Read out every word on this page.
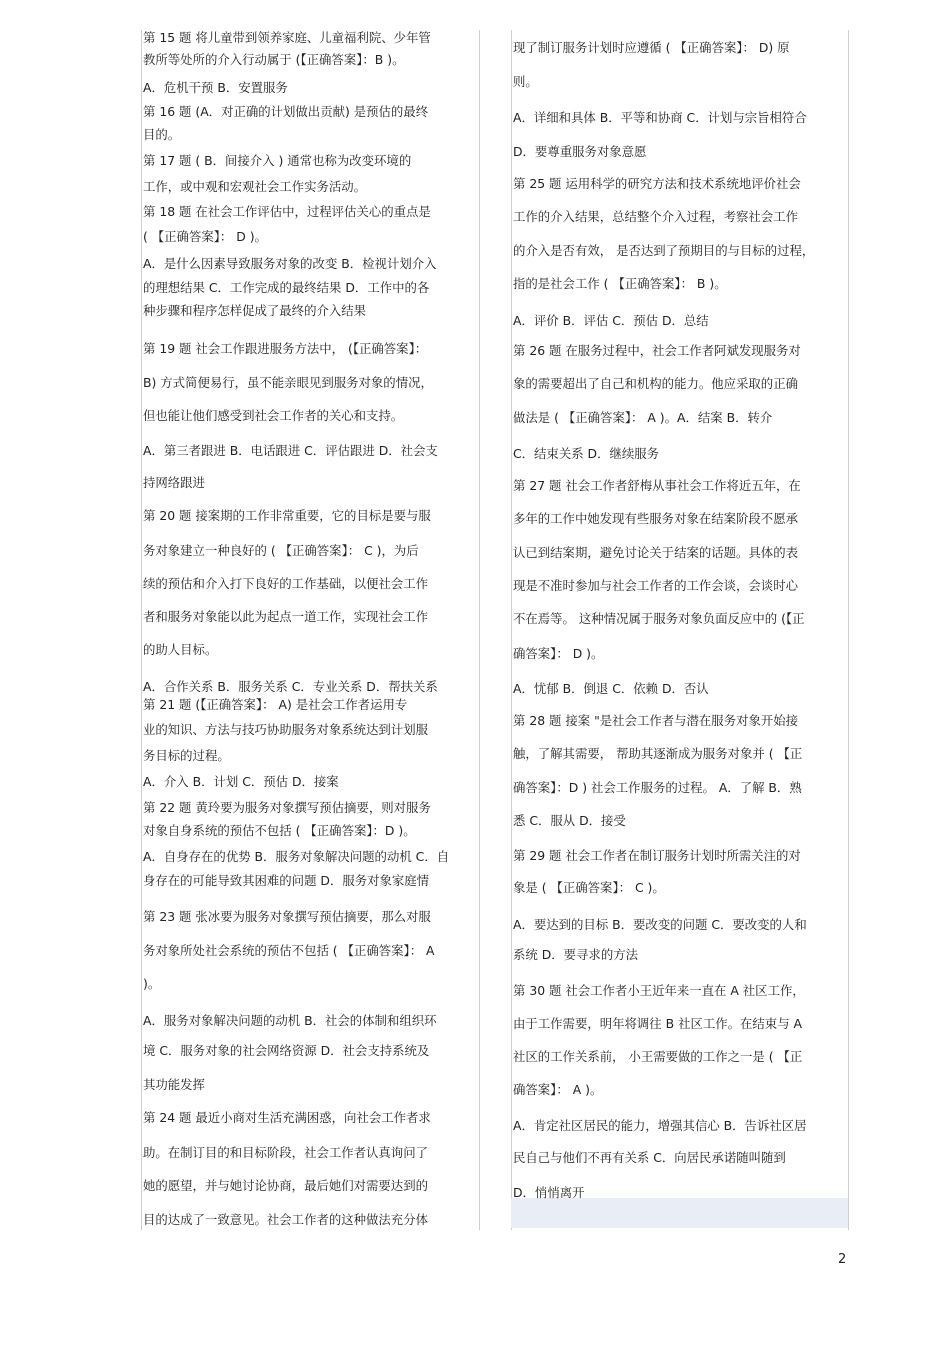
第 15 题 将儿童带到领养家庭、儿童福利院、少年管
教所等处所的介入行动属于 (【正确答案】：B )。
A．危机干预 B．安置服务
第 16 题 (A．对正确的计划做出贡献) 是预估的最终
目的。
第 17 题 ( B．间接介入 ) 通常也称为改变环境的
工作，或中观和宏观社会工作实务活动。
第 18 题 在社会工作评估中，过程评估关心的重点是
( 【正确答案】： D )。
A．是什么因素导致服务对象的改变 B．检视计划介入
的理想结果 C．工作完成的最终结果 D．工作中的各
种步骤和程序怎样促成了最终的介入结果
第 19 题 社会工作跟进服务方法中， (【正确答案】：
B) 方式简便易行，虽不能亲眼见到服务对象的情况，
但也能让他们感受到社会工作者的关心和支持。
A．第三者跟进 B．电话跟进 C．评估跟进 D．社会支
持网络跟进
第 20 题 接案期的工作非常重要，它的目标是要与服
务对象建立一种良好的 ( 【正确答案】： C )，为后
续的预估和介入打下良好的工作基础，以便社会工作
者和服务对象能以此为起点一道工作，实现社会工作
的助人目标。
A．合作关系 B．服务关系 C．专业关系 D．帮扶关系
第 21 题 (【正确答案】： A) 是社会工作者运用专
业的知识、方法与技巧协助服务对象系统达到计划服
务目标的过程。
A．介入 B．计划 C．预估 D．接案
第 22 题 黄玲要为服务对象撰写预估摘要，则对服务
对象自身系统的预估不包括 ( 【正确答案】：D )。
A．自身存在的优势 B．服务对象解决问题的动机 C．自
身存在的可能导致其困难的问题 D．服务对象家庭情
第 23 题 张冰要为服务对象撰写预估摘要，那么对服
务对象所处社会系统的预估不包括 ( 【正确答案】： A
)。
A．服务对象解决问题的动机 B．社会的体制和组织环
境 C．服务对象的社会网络资源 D．社会支持系统及
其功能发挥
第 24 题 最近小商对生活充满困惑，向社会工作者求
助。在制订目的和目标阶段，社会工作者认真询问了
她的愿望，并与她讨论协商，最后她们对需要达到的
目的达成了一致意见。社会工作者的这种做法充分体
现了制订服务计划时应遵循 ( 【正确答案】： D) 原
则。
A．详细和具体 B．平等和协商 C．计划与宗旨相符合
D．要尊重服务对象意愿
第 25 题 运用科学的研究方法和技术系统地评价社会
工作的介入结果，总结整个介入过程，考察社会工作
的介入是否有效， 是否达到了预期目的与目标的过程，
指的是社会工作 ( 【正确答案】： B )。
A．评价 B．评估 C．预估 D．总结
第 26 题 在服务过程中，社会工作者阿斌发现服务对
象的需要超出了自己和机构的能力。他应采取的正确
做法是 ( 【正确答案】： A )。A．结案 B．转介
C．结束关系 D．继续服务
第 27 题 社会工作者舒梅从事社会工作将近五年，在
多年的工作中她发现有些服务对象在结案阶段不愿承
认已到结案期，避免讨论关于结案的话题。具体的表
现是不准时参加与社会工作者的工作会谈，会谈时心
不在焉等。 这种情况属于服务对象负面反应中的 (【正
确答案】： D )。
A．忧郁 B．倒退 C．依赖 D．否认
第 28 题 接案 "是社会工作者与潜在服务对象开始接
触，了解其需要， 帮助其逐渐成为服务对象并 ( 【正
确答案】：D ) 社会工作服务的过程。 A．了解 B．熟
悉 C．服从 D．接受
第 29 题 社会工作者在制订服务计划时所需关注的对
象是 ( 【正确答案】： C )。
A．要达到的目标 B．要改变的问题 C．要改变的人和
系统 D．要寻求的方法
第 30 题 社会工作者小王近年来一直在 A 社区工作，
由于工作需要，明年将调往 B 社区工作。在结束与 A
社区的工作关系前， 小王需要做的工作之一是 ( 【正
确答案】： A )。
A．肯定社区居民的能力，增强其信心 B．告诉社区居
民自己与他们不再有关系 C．向居民承诺随叫随到
D．悄悄离开
2
